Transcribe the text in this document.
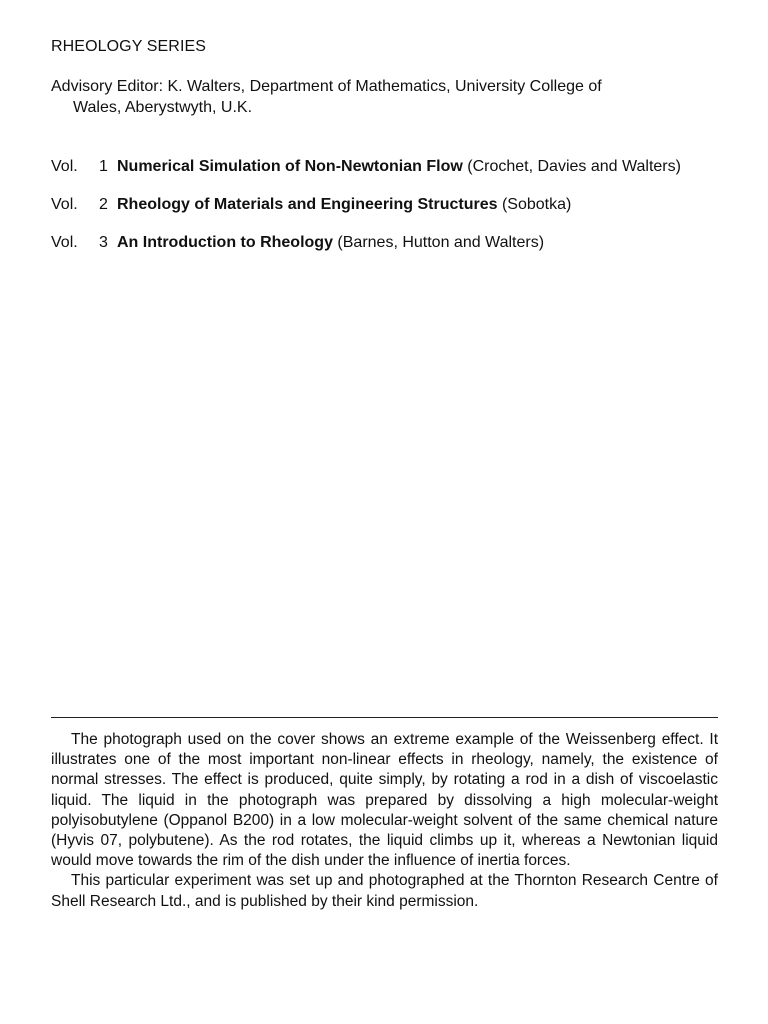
RHEOLOGY SERIES
Advisory Editor: K. Walters, Department of Mathematics, University College of
Wales, Aberystwyth, U.K.
Vol.	1 Numerical Simulation of Non-Newtonian Flow (Crochet, Davies and Walters)
Vol.	2 Rheology of Materials and Engineering Structures (Sobotka)
Vol.	3 An Introduction to Rheology (Barnes, Hutton and Walters)

The photograph used on the cover shows an extreme example of the Weissenberg effect. It illustrates one of the most important non-linear effects in rheology, namely, the existence of normal stresses. The effect is produced, quite simply, by rotating a rod in a dish of viscoelastic liquid. The liquid in the photograph was prepared by dissolving a high molecular-weight polyisobutylene (Oppanol B200) in a low molecular-weight solvent of the same chemical nature (Hyvis 07, polybutene). As the rod rotates, the liquid climbs up it, whereas a Newtonian liquid would move towards the rim of the dish under the influence of inertia forces.

This particular experiment was set up and photographed at the Thornton Research Centre of Shell Research Ltd., and is published by their kind permission.
